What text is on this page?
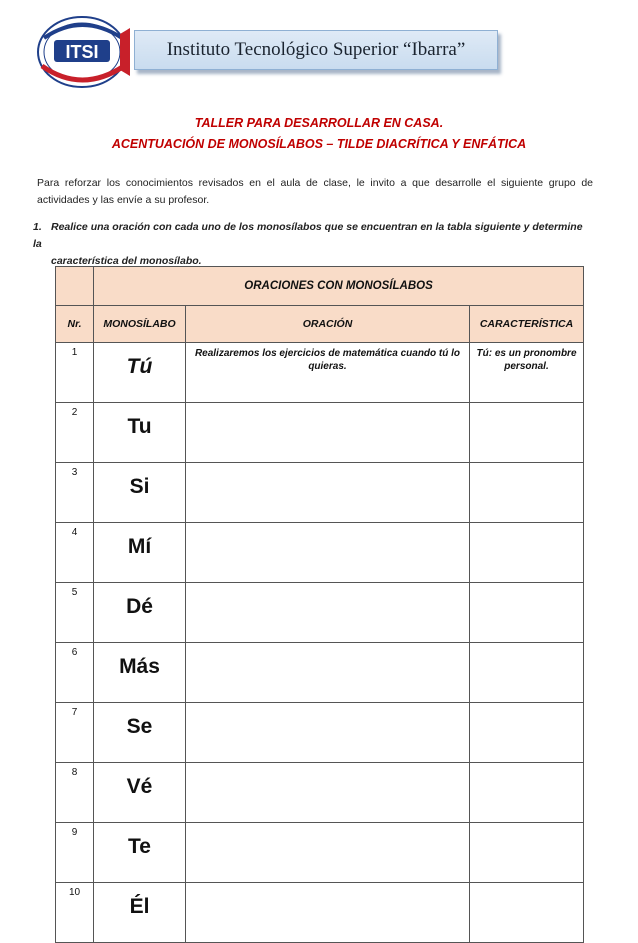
ITSI	Instituto Tecnológico Superior “Ibarra”
TALLER PARA DESARROLLAR EN CASA.
ACENTUACIÓN DE MONOSÍLABOS – TILDE DIACRÍTICA Y ENFÁTICA
Para reforzar los conocimientos revisados en el aula de clase, le invito a que desarrolle el siguiente grupo de actividades y las envíe a su profesor.
1. Realice una oración con cada uno de los monosílabos que se encuentran en la tabla siguiente y determine la
característica del monosílabo.
	ORACIONES CON MONOSÍLABOS		
Nr.	MONOSÍLABO	ORACIÓN	CARACTERÍSTICA
1	Tú	Realizaremos los ejercicios de matemática cuando tú lo quieras.	Tú: es un pronombre personal.
2	Tu		
3	Si		
4	Mí		
5	Dé		
6	Más		
7	Se		
8	Vé		
9	Te		
10	Él		
